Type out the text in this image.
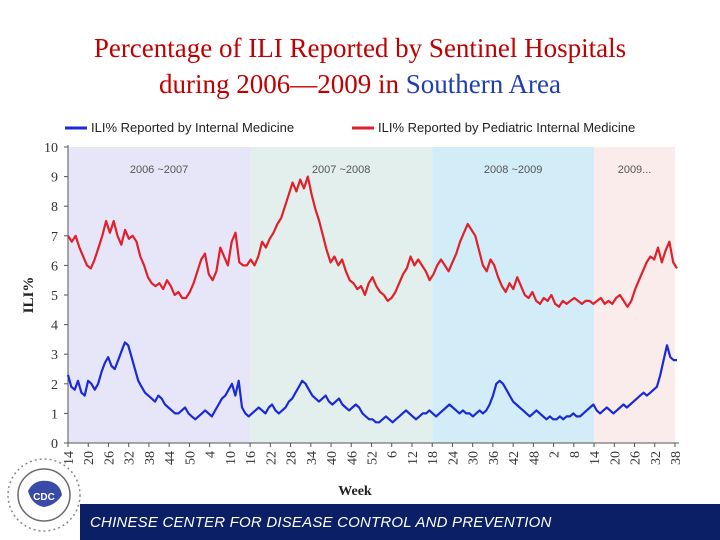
Percentage of ILI Reported by Sentinel Hospitals
during 2006—2009 in Southern Area
2006 ~2007	2007 ~2008	2008 ~2009	2009...
0
1
2
3
4
5
6
7
8
9
10
14 20 26 32 38 44 50 4 10 16 22 28 34 40 46 52 6 12 18 24 30 36 42 48 2 8 14 20 26 32 38
ILI%
Week
ILI% Reported by Internal Medicine	ILI% Reported by Pediatric Internal Medicine
CDC
CHINESE CENTER FOR DISEASE CONTROL AND PREVENTION
